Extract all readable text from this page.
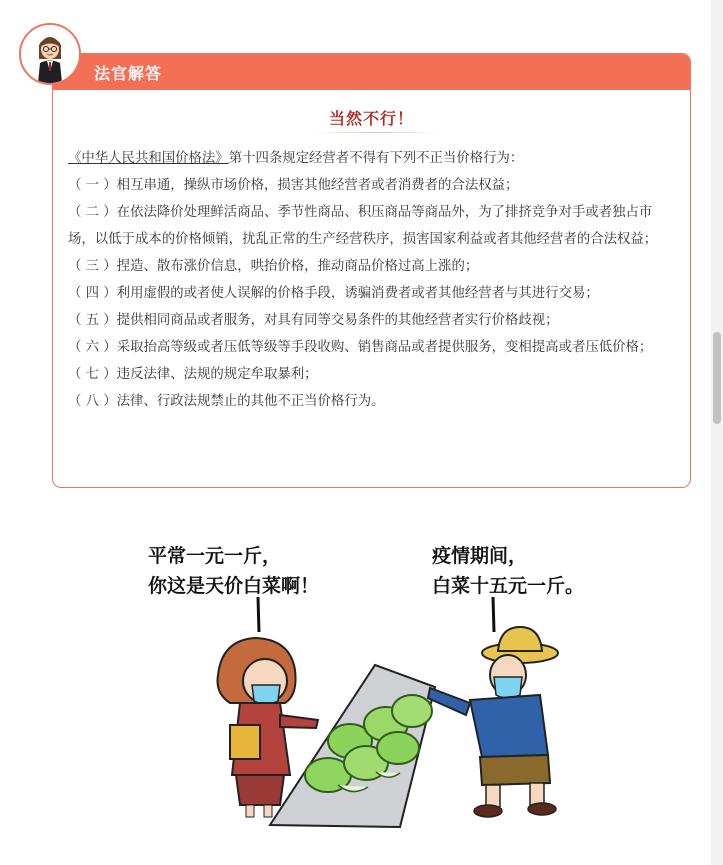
法官解答
当然不行！

《中华人民共和国价格法》第十四条规定经营者不得有下列不正当价格行为：

（ 一 ）相互串通，操纵市场价格，损害其他经营者或者消费者的合法权益；

（ 二 ）在依法降价处理鲜活商品、季节性商品、积压商品等商品外，为了排挤竞争对手或者独占市场，以低于成本的价格倾销，扰乱正常的生产经营秩序，损害国家利益或者其他经营者的合法权益；

（ 三 ）捏造、散布涨价信息，哄抬价格，推动商品价格过高上涨的；

（ 四 ）利用虚假的或者使人误解的价格手段，诱骗消费者或者其他经营者与其进行交易；

（ 五 ）提供相同商品或者服务，对具有同等交易条件的其他经营者实行价格歧视；

（ 六 ）采取抬高等级或者压低等级等手段收购、销售商品或者提供服务，变相提高或者压低价格；

（ 七 ）违反法律、法规的规定牟取暴利；

（ 八 ）法律、行政法规禁止的其他不正当价格行为。

平常一元一斤，
你这是天价白菜啊！
疫情期间，
白菜十五元一斤。
